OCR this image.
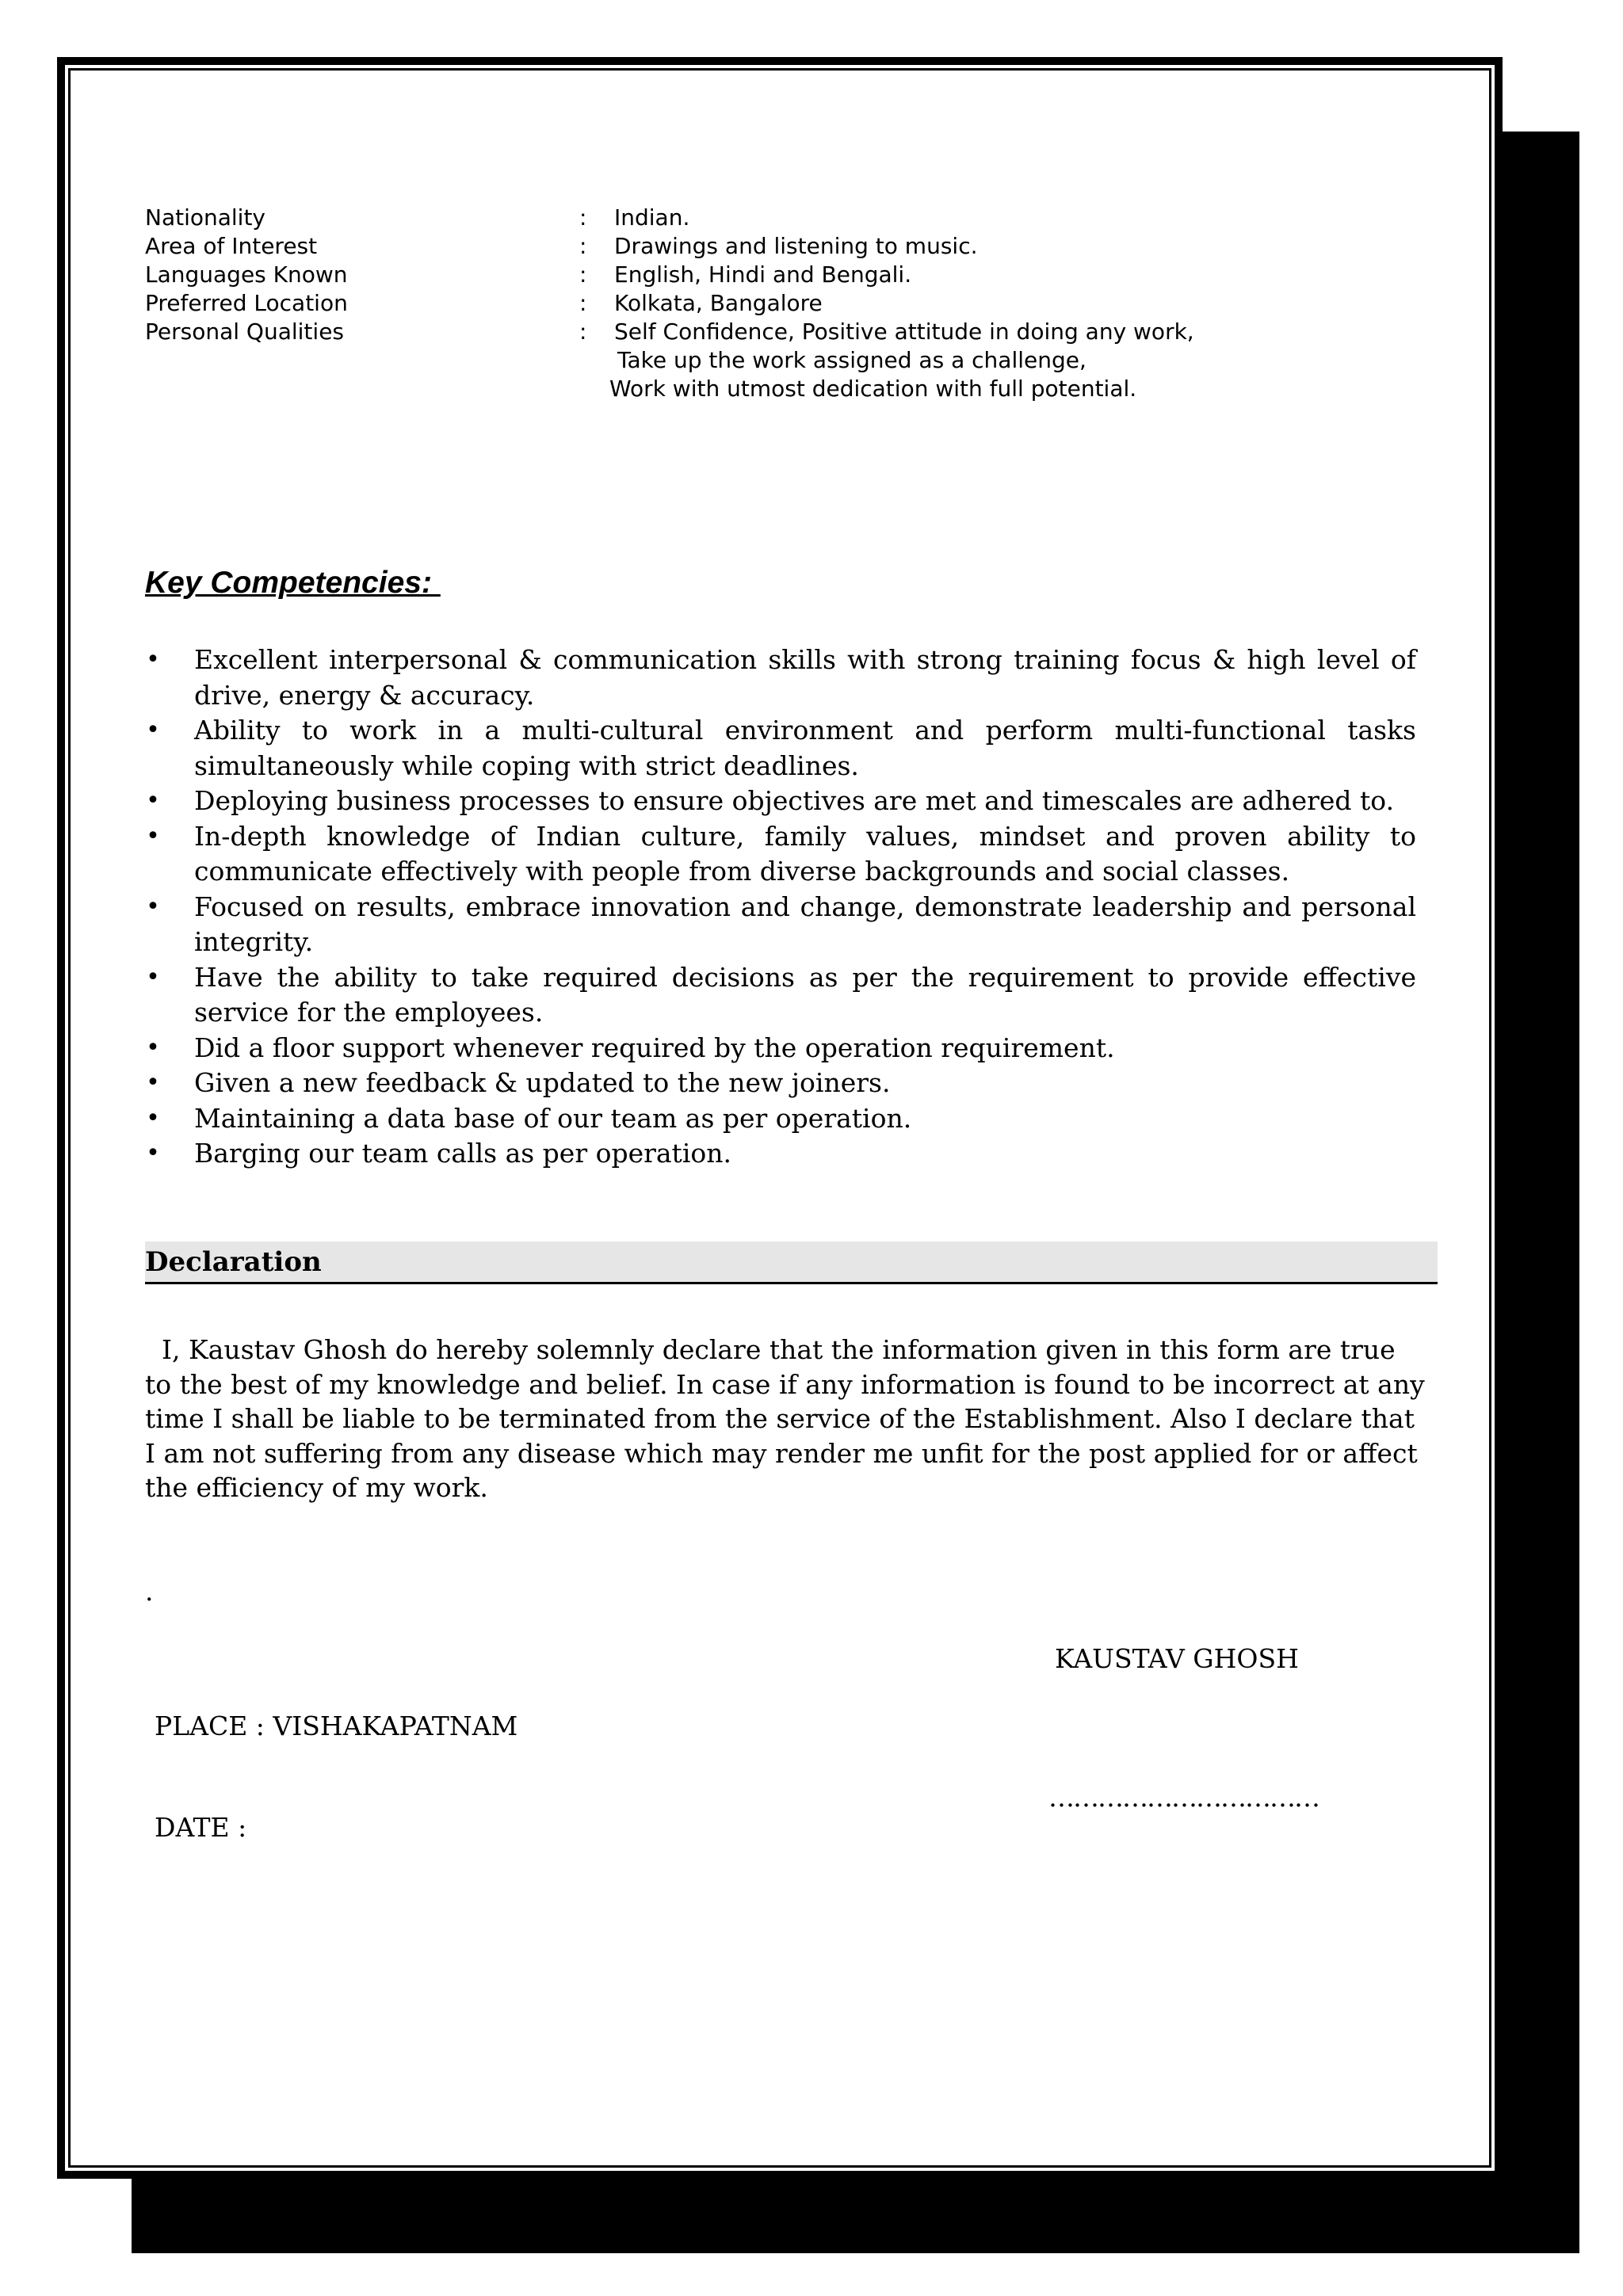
Nationality	:	Indian.
Area of Interest	:	Drawings and listening to music.
Languages Known	:	English, Hindi and Bengali.
Preferred Location	:	Kolkata, Bangalore
Personal Qualities	:	Self Confidence, Positive attitude in doing any work,
Take up the work assigned as a challenge,
Work with utmost dedication with full potential.
Key Competencies:
• Excellent interpersonal & communication skills with strong training focus & high level of drive, energy & accuracy.
• Ability to work in a multi-cultural environment and perform multi-functional tasks simultaneously while coping with strict deadlines.
• Deploying business processes to ensure objectives are met and timescales are adhered to.
• In-depth knowledge of Indian culture, family values, mindset and proven ability to communicate effectively with people from diverse backgrounds and social classes.
• Focused on results, embrace innovation and change, demonstrate leadership and personal integrity.
• Have the ability to take required decisions as per the requirement to provide effective service for the employees.
• Did a floor support whenever required by the operation requirement.
• Given a new feedback & updated to the new joiners.
• Maintaining a data base of our team as per operation.
• Barging our team calls as per operation.
Declaration
I, Kaustav Ghosh do hereby solemnly declare that the information given in this form are true to the best of my knowledge and belief. In case if any information is found to be incorrect at any time I shall be liable to be terminated from the service of the Establishment. Also I declare that I am not suffering from any disease which may render me unfit for the post applied for or affect the efficiency of my work.
.
KAUSTAV GHOSH
PLACE : VISHAKAPATNAM
……………………………
DATE :
